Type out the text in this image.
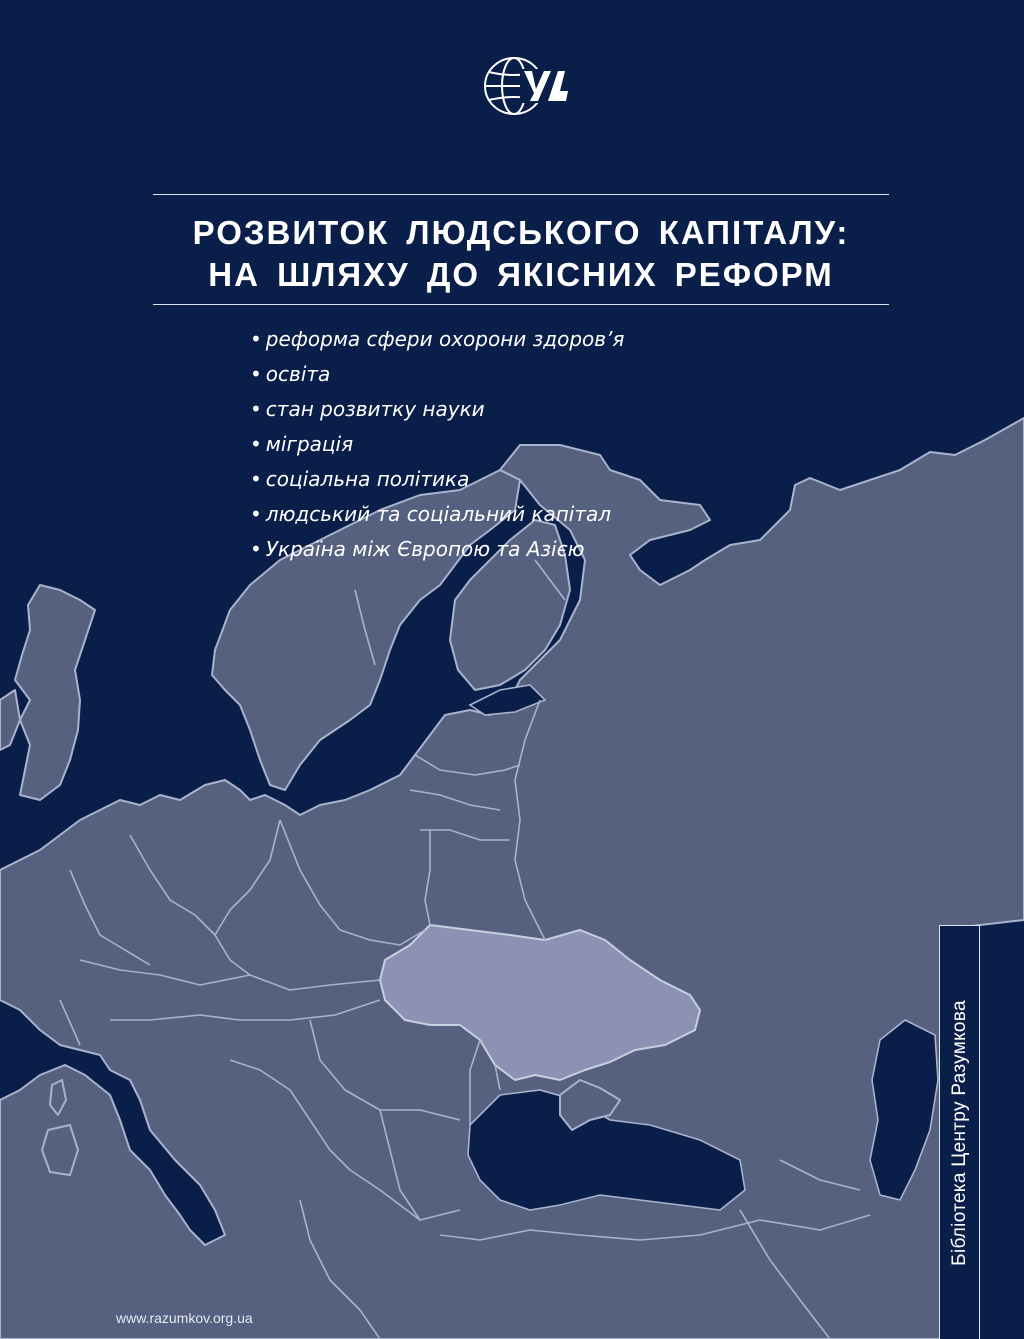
УЦ
РОЗВИТОК ЛЮДСЬКОГО КАПІТАЛУ:
НА ШЛЯХУ ДО ЯКІСНИХ РЕФОРМ
• реформа сфери охорони здоров’я
• освіта
• стан розвитку науки
• міграція
• соціальна політика
• людський та соціальний капітал
• Україна між Європою та Азією
Бібліотека Центру Разумкова
www.razumkov.org.ua
